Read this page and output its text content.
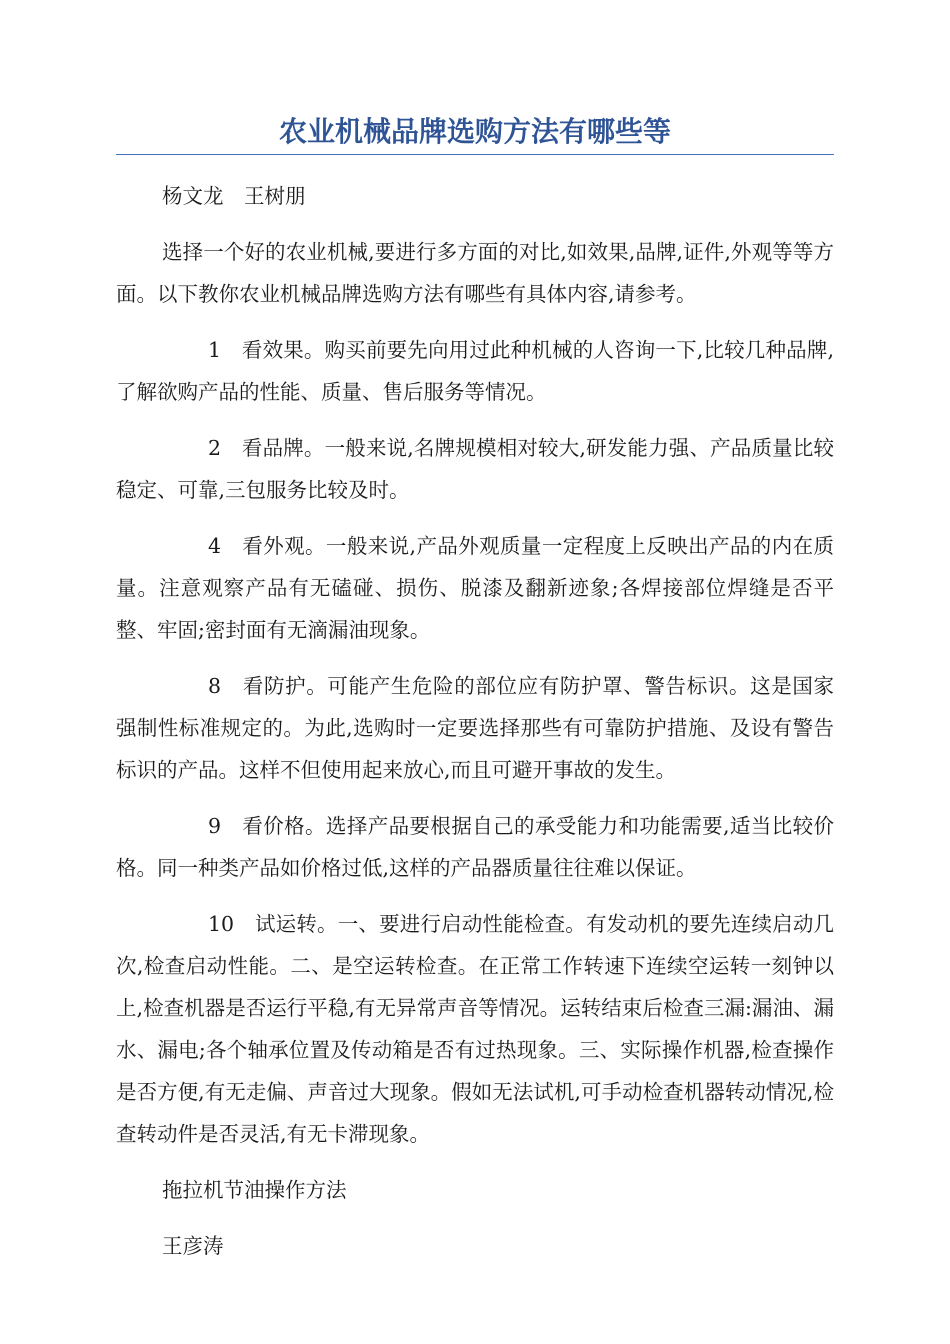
农业机械品牌选购方法有哪些等

杨文龙　王树朋

选择一个好的农业机械,要进行多方面的对比,如效果,品牌,证件,外观等等方面。以下教你农业机械品牌选购方法有哪些有具体内容,请参考。

1　 看效果。购买前要先向用过此种机械的人咨询一下,比较几种品牌,了解欲购产品的性能、质量、售后服务等情况。

2　 看品牌。一般来说,名牌规模相对较大,研发能力强、产品质量比较稳定、可靠,三包服务比较及时。

4　 看外观。一般来说,产品外观质量一定程度上反映出产品的内在质量。注意观察产品有无磕碰、损伤、脱漆及翻新迹象;各焊接部位焊缝是否平整、牢固;密封面有无滴漏油现象。

8　 看防护。可能产生危险的部位应有防护罩、警告标识。这是国家强制性标准规定的。为此,选购时一定要选择那些有可靠防护措施、及设有警告标识的产品。这样不但使用起来放心,而且可避开事故的发生。

9　 看价格。选择产品要根据自己的承受能力和功能需要,适当比较价格。同一种类产品如价格过低,这样的产品器质量往往难以保证。

10　 试运转。一、要进行启动性能检查。有发动机的要先连续启动几次,检查启动性能。二、是空运转检查。在正常工作转速下连续空运转一刻钟以上,检查机器是否运行平稳,有无异常声音等情况。运转结束后检查三漏:漏油、漏水、漏电;各个轴承位置及传动箱是否有过热现象。三、实际操作机器,检查操作是否方便,有无走偏、声音过大现象。假如无法试机,可手动检查机器转动情况,检查转动件是否灵活,有无卡滞现象。

拖拉机节油操作方法

王彦涛
